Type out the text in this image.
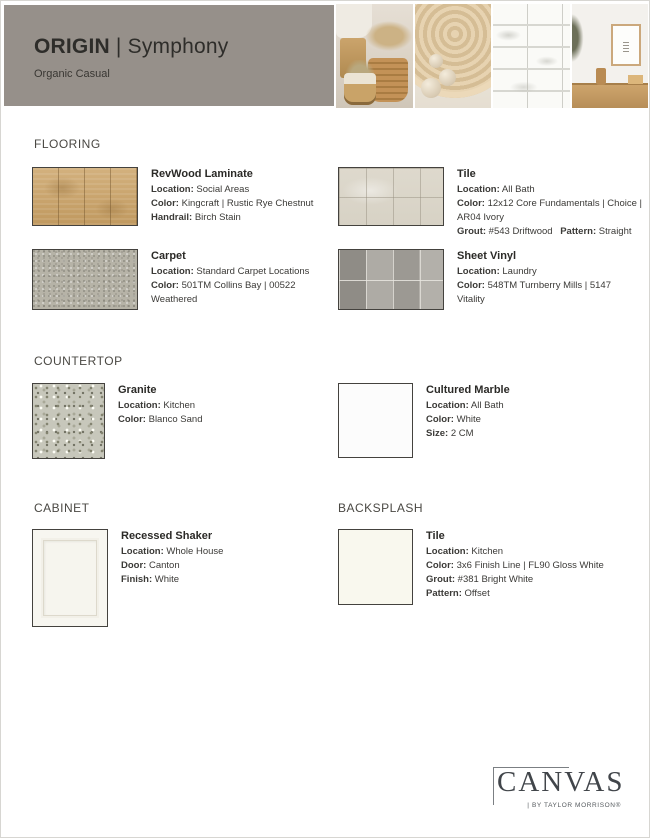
ORIGIN | Symphony
Organic Casual
FLOORING
COUNTERTOP
CABINET	BACKSPLASH
RevWood Laminate
Location: Social Areas
Color: Kingcraft | Rustic Rye Chestnut
Handrail: Birch Stain
Tile
Location: All Bath
Color: 12x12 Core Fundamentals | Choice | AR04 Ivory
Grout: #543 Driftwood Pattern: Straight
Carpet
Location: Standard Carpet Locations
Color: 501TM Collins Bay | 00522 Weathered
Sheet Vinyl
Location: Laundry
Color: 548TM Turnberry Mills | 5147 Vitality
Granite
Location: Kitchen
Color: Blanco Sand
Cultured Marble
Location: All Bath
Color: White
Size: 2 CM
Recessed Shaker
Location: Whole House
Door: Canton
Finish: White
Tile
Location: Kitchen
Color: 3x6 Finish Line | FL90 Gloss White
Grout: #381 Bright White
Pattern: Offset
CANVAS
| BY TAYLOR MORRISON®
